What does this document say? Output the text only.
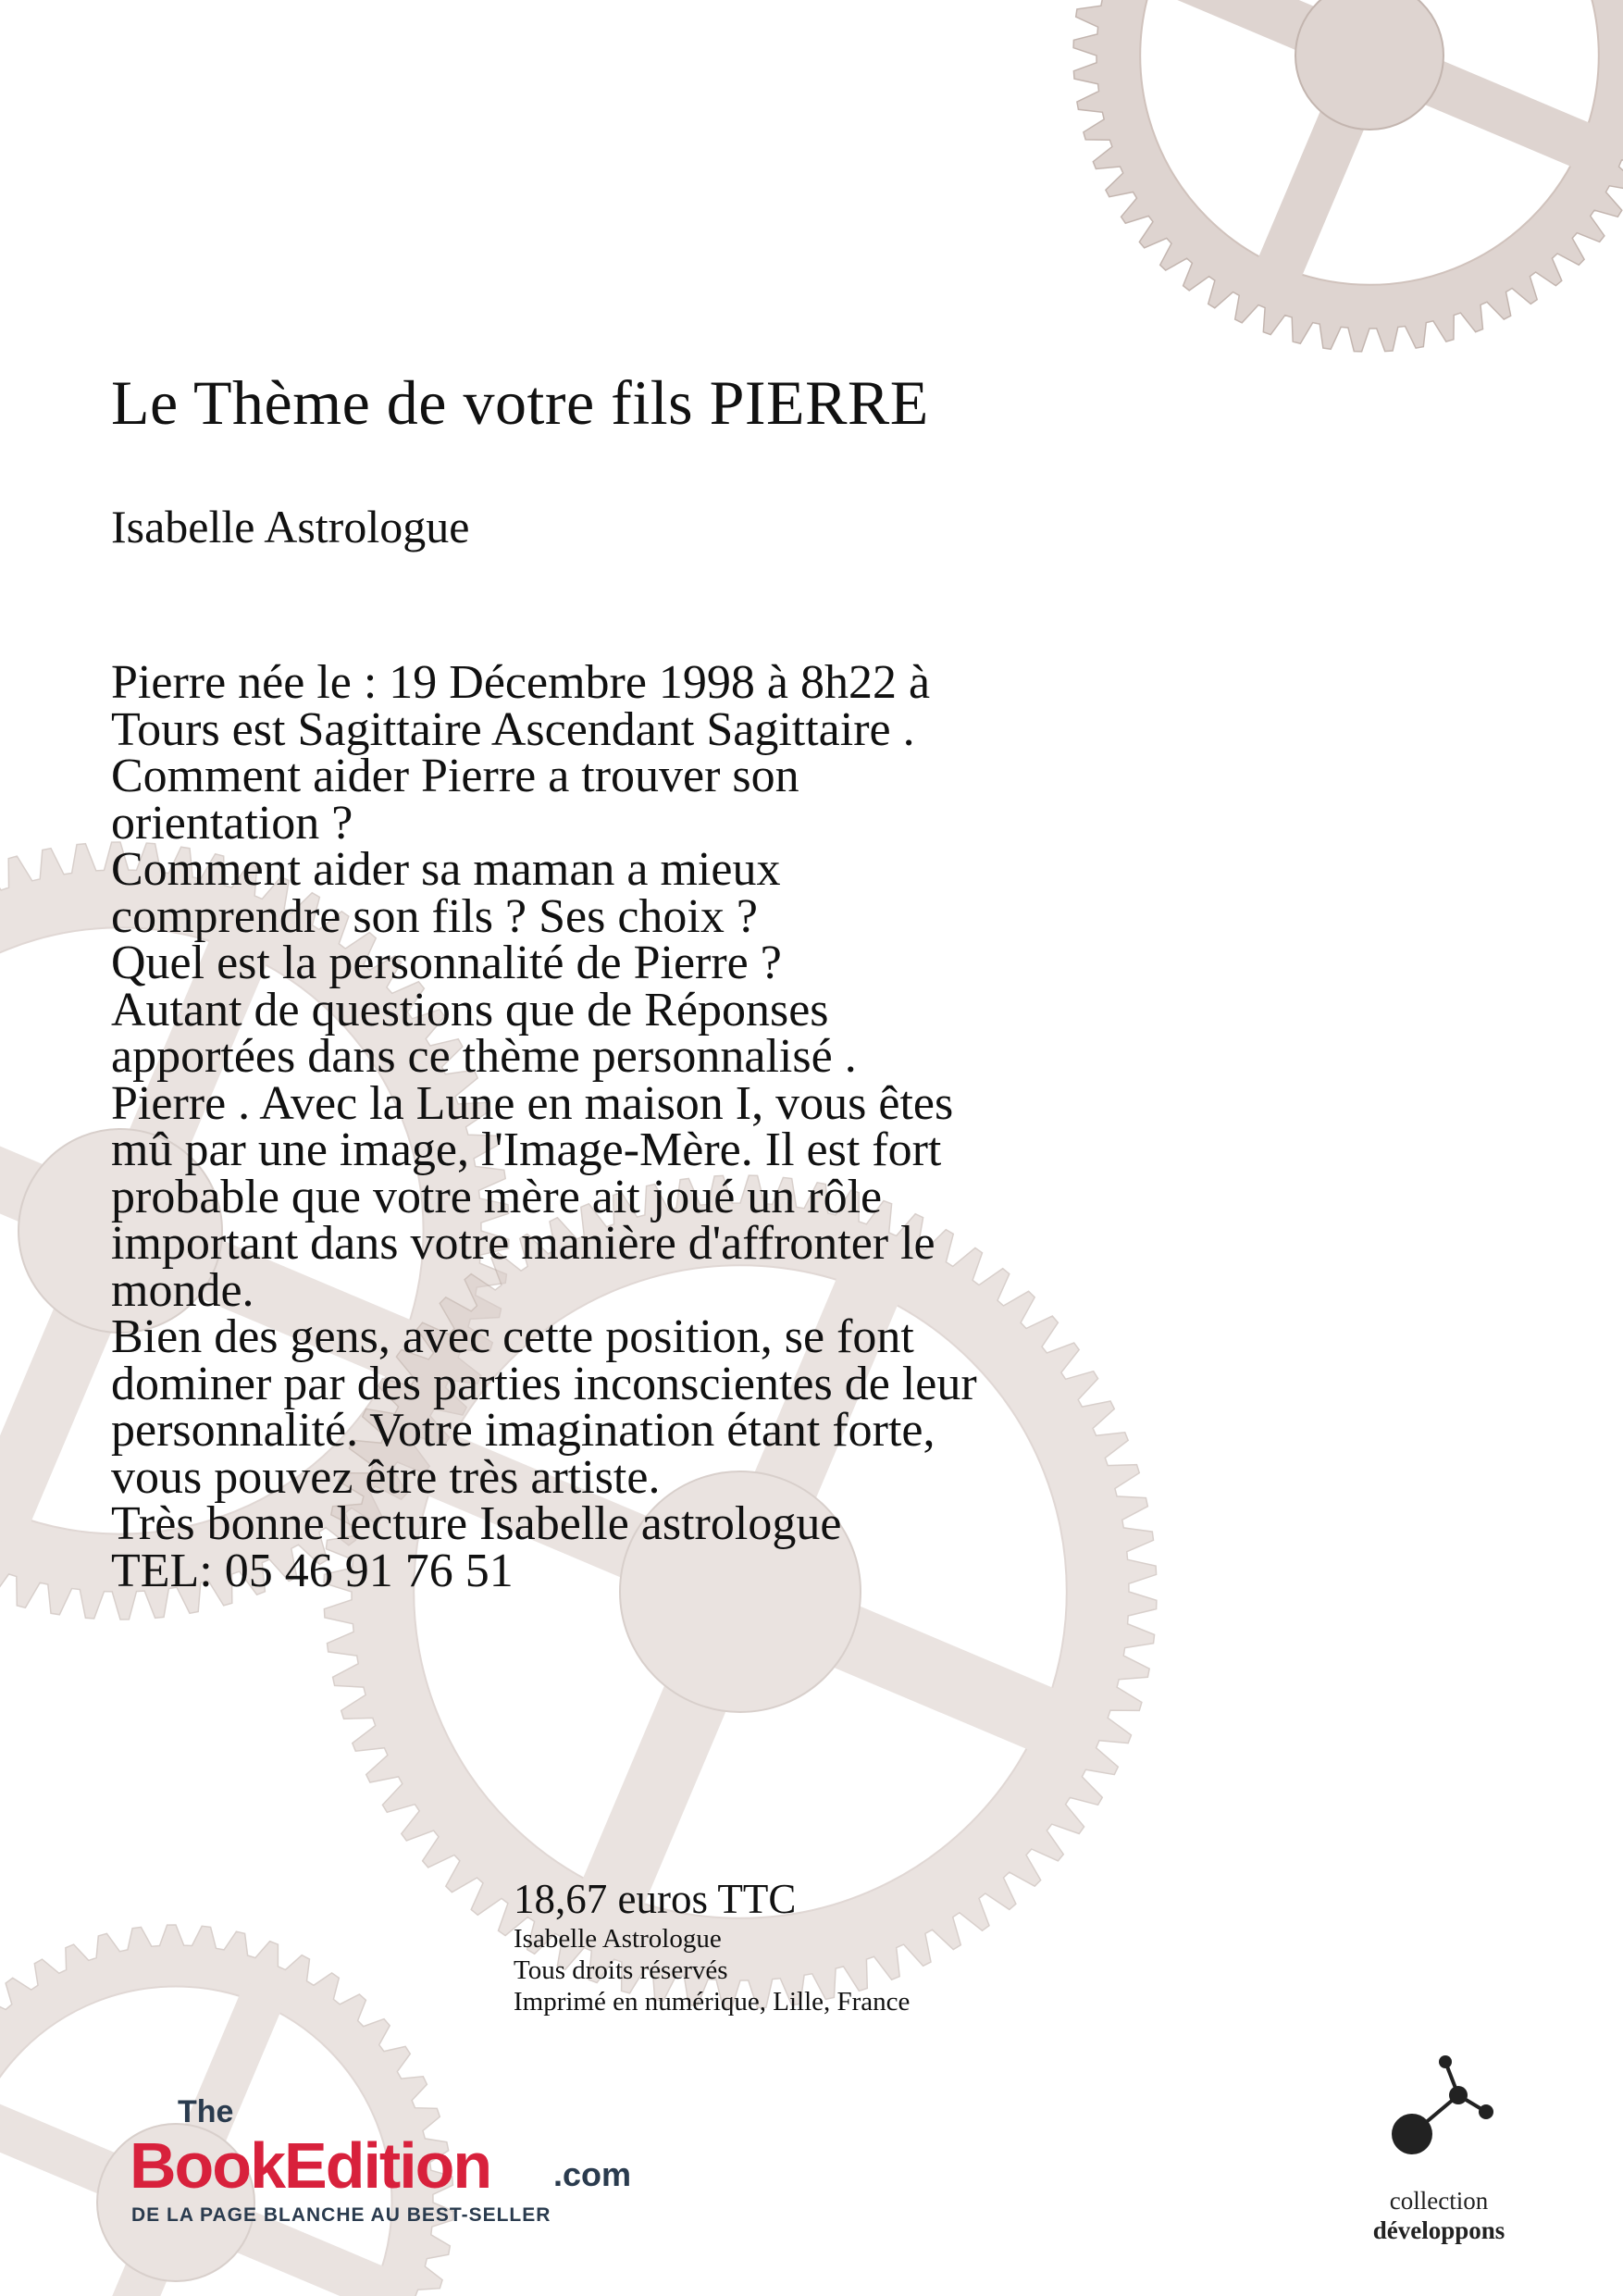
Le Thème de votre fils PIERRE

Isabelle Astrologue

Pierre née le : 19 Décembre 1998 à 8h22 à
Tours est Sagittaire Ascendant Sagittaire .
Comment aider Pierre a trouver son
orientation ?
Comment aider sa maman a mieux
comprendre son fils ? Ses choix ?
Quel est la personnalité de Pierre ?
Autant de questions que de Réponses
apportées dans ce thème personnalisé .
Pierre . Avec la Lune en maison I, vous êtes
mû par une image, l'Image-Mère. Il est fort
probable que votre mère ait joué un rôle
important dans votre manière d'affronter le
monde.
Bien des gens, avec cette position, se font
dominer par des parties inconscientes de leur
personnalité. Votre imagination étant forte,
vous pouvez être très artiste.
Très bonne lecture Isabelle astrologue
TEL: 05 46 91 76 51
18,67 euros TTC
Isabelle Astrologue
Tous droits réservés
Imprimé en numérique, Lille, France
The
BookEdition .com
DE LA PAGE BLANCHE AU BEST-SELLER
collection
développons
